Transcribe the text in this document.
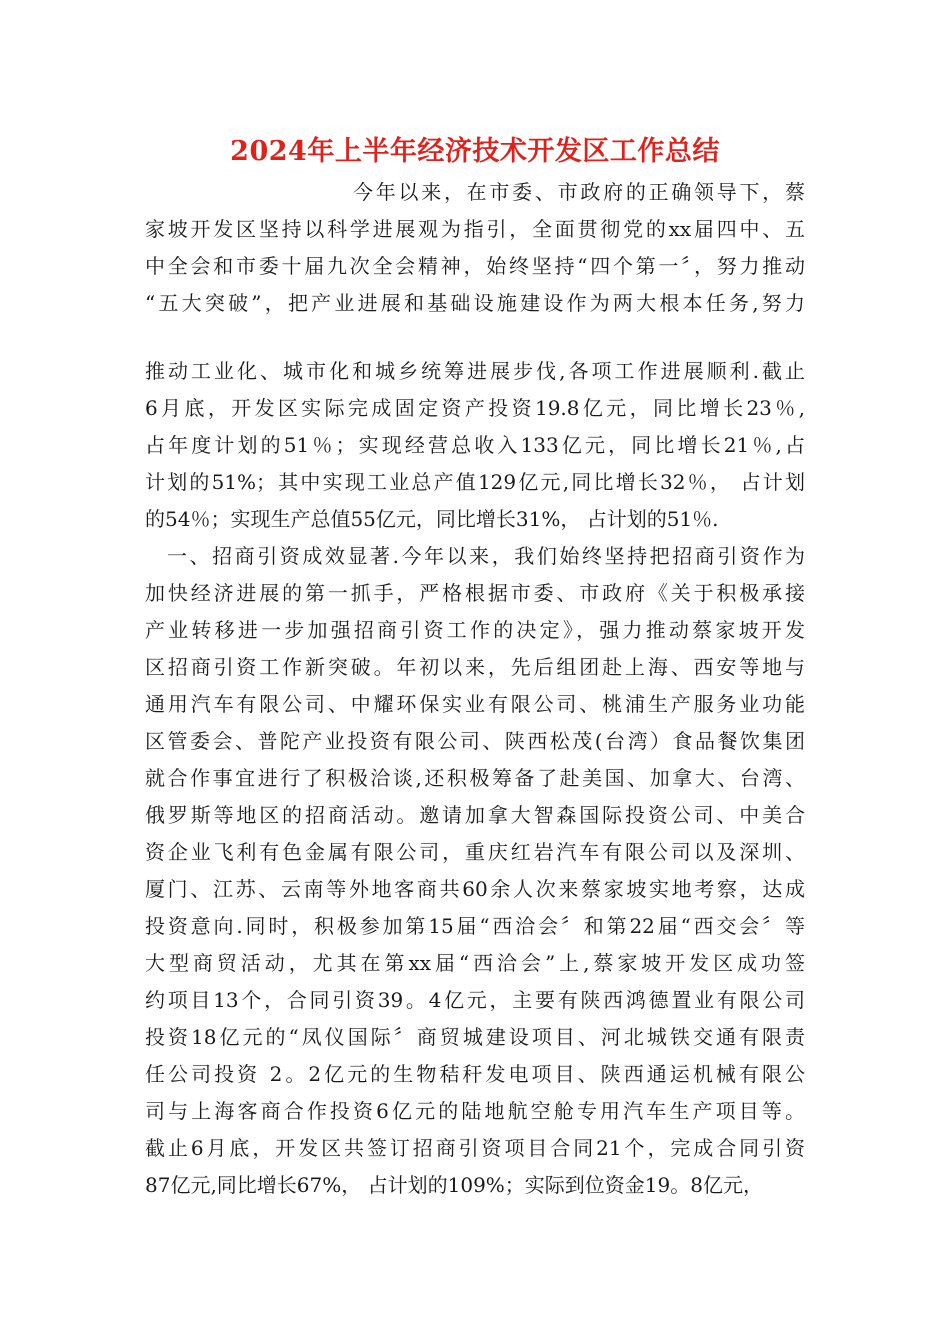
2024年上半年经济技术开发区工作总结
今年以来，在市委、市政府的正确领导下，蔡
家坡开发区坚持以科学进展观为指引，全面贯彻党的xx届四中、五
中全会和市委十届九次全会精神，始终坚持“四个第一〞，努力推动
“五大突破”，把产业进展和基础设施建设作为两大根本任务,努力
推动工业化、城市化和城乡统筹进展步伐,各项工作进展顺利.截止
6月底，开发区实际完成固定资产投资19.8亿元，同比增长23％,
占年度计划的51％；实现经营总收入133亿元，同比增长21％,占
计划的51%；其中实现工业总产值129亿元,同比增长32％， 占计划
的54％；实现生产总值55亿元，同比增长31%， 占计划的51％.
一、招商引资成效显著.今年以来，我们始终坚持把招商引资作为
加快经济进展的第一抓手，严格根据市委、市政府《关于积极承接
产业转移进一步加强招商引资工作的决定》，强力推动蔡家坡开发
区招商引资工作新突破。年初以来，先后组团赴上海、西安等地与
通用汽车有限公司、中耀环保实业有限公司、桃浦生产服务业功能
区管委会、普陀产业投资有限公司、陕西松茂(台湾）食品餐饮集团
就合作事宜进行了积极洽谈,还积极筹备了赴美国、加拿大、台湾、
俄罗斯等地区的招商活动。邀请加拿大智森国际投资公司、中美合
资企业飞利有色金属有限公司，重庆红岩汽车有限公司以及深圳、
厦门、江苏、云南等外地客商共60余人次来蔡家坡实地考察，达成
投资意向.同时，积极参加第15届“西洽会〞和第22届“西交会〞等
大型商贸活动，尤其在第xx届“西洽会”上,蔡家坡开发区成功签
约项目13个，合同引资39。4亿元，主要有陕西鸿德置业有限公司
投资18亿元的“凤仪国际〞商贸城建设项目、河北城铁交通有限责
任公司投资 2。2亿元的生物秸秆发电项目、陕西通运机械有限公
司与上海客商合作投资6亿元的陆地航空舱专用汽车生产项目等。
截止6月底，开发区共签订招商引资项目合同21个，完成合同引资
87亿元,同比增长67%， 占计划的109%；实际到位资金19。8亿元，
